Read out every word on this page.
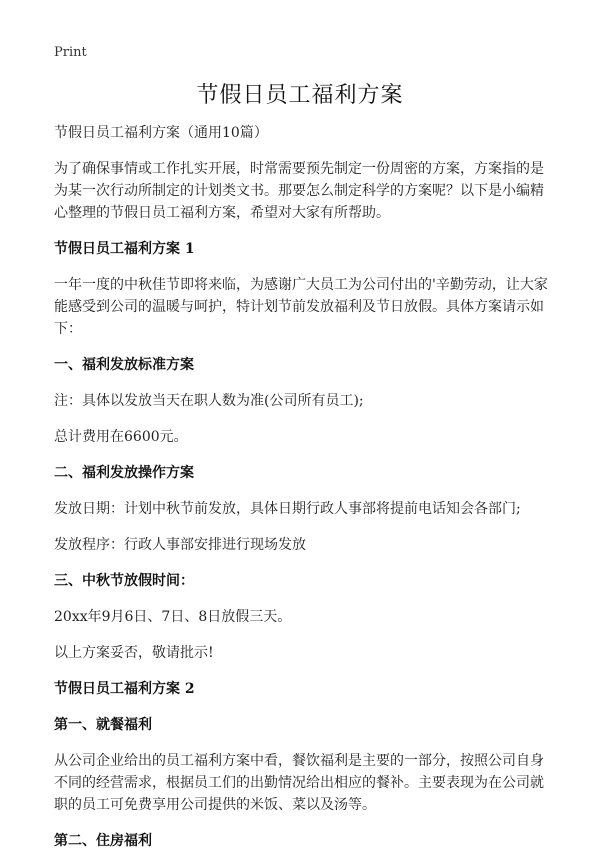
Print
节假日员工福利方案

节假日员工福利方案（通用10篇）

为了确保事情或工作扎实开展，时常需要预先制定一份周密的方案，方案指的是为某一次行动所制定的计划类文书。那要怎么制定科学的方案呢？以下是小编精心整理的节假日员工福利方案，希望对大家有所帮助。

节假日员工福利方案 1

一年一度的中秋佳节即将来临，为感谢广大员工为公司付出的'辛勤劳动，让大家能感受到公司的温暖与呵护，特计划节前发放福利及节日放假。具体方案请示如下：

一、福利发放标准方案

注：具体以发放当天在职人数为准(公司所有员工);

总计费用在6600元。

二、福利发放操作方案

发放日期：计划中秋节前发放，具体日期行政人事部将提前电话知会各部门;

发放程序：行政人事部安排进行现场发放

三、中秋节放假时间：

20xx年9月6日、7日、8日放假三天。

以上方案妥否，敬请批示!

节假日员工福利方案 2

第一、就餐福利

从公司企业给出的员工福利方案中看，餐饮福利是主要的一部分，按照公司自身不同的经营需求，根据员工们的出勤情况给出相应的餐补。主要表现为在公司就职的员工可免费享用公司提供的米饭、菜以及汤等。

第二、住房福利
